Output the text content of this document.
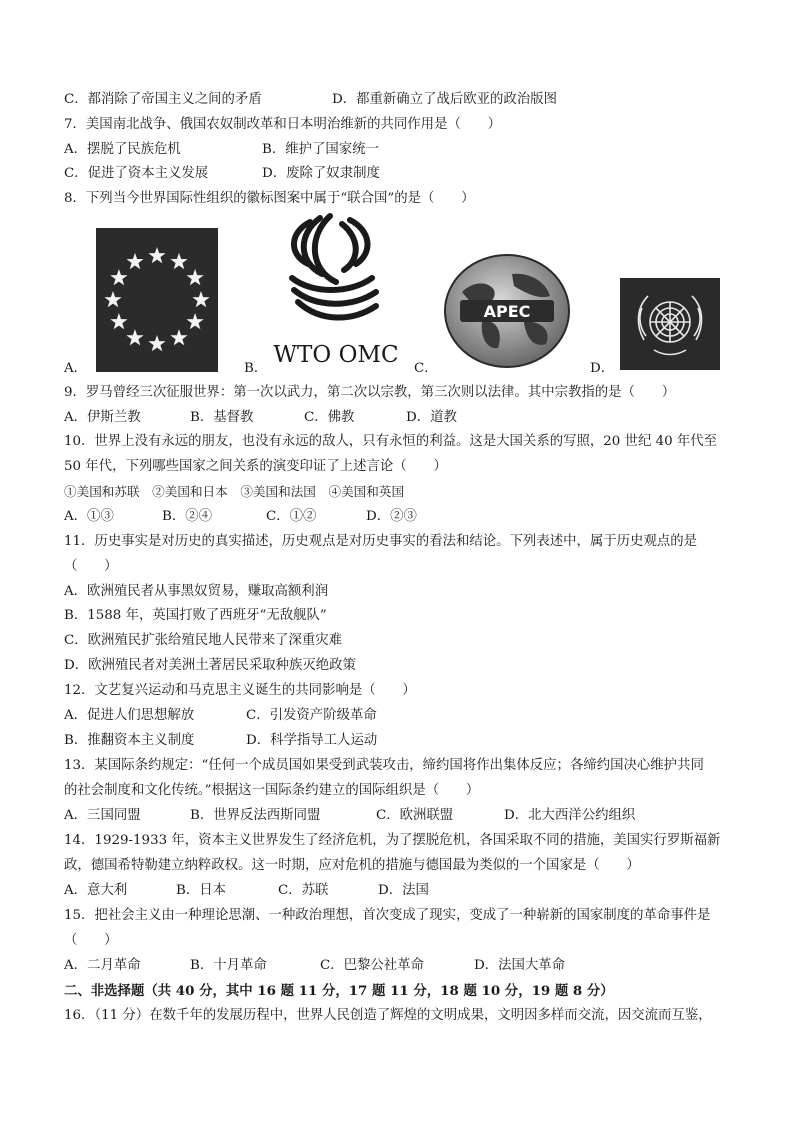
C．都消除了帝国主义之间的矛盾	D．都重新确立了战后欧亚的政治版图
7．美国南北战争、俄国农奴制改革和日本明治维新的共同作用是（　　）
A．摆脱了民族危机	B．维护了国家统一
C．促进了资本主义发展	D．废除了奴隶制度
8．下列当今世界国际性组织的徽标图案中属于“联合国”的是（　　）
A．	B．
WTO OMC
C．
APEC
D．
9．罗马曾经三次征服世界：第一次以武力，第二次以宗教，第三次则以法律。其中宗教指的是（　　）
A．伊斯兰教	B．基督教	C．佛教	D．道教
10．世界上没有永远的朋友，也没有永远的敌人，只有永恒的利益。这是大国关系的写照，20 世纪 40 年代至
50 年代，下列哪些国家之间关系的演变印证了上述言论（　　）
①美国和苏联　②美国和日本　③美国和法国　④美国和英国
A．①③	B．②④	C．①②	D．②③
11．历史事实是对历史的真实描述，历史观点是对历史事实的看法和结论。下列表述中，属于历史观点的是
（　　）
A．欧洲殖民者从事黑奴贸易，赚取高额利润
B．1588 年，英国打败了西班牙“无敌舰队”
C．欧洲殖民扩张给殖民地人民带来了深重灾难
D．欧洲殖民者对美洲土著居民采取种族灭绝政策
12．文艺复兴运动和马克思主义诞生的共同影响是（　　）
A．促进人们思想解放	C．引发资产阶级革命
B．推翻资本主义制度	D．科学指导工人运动
13．某国际条约规定：“任何一个成员国如果受到武装攻击，缔约国将作出集体反应；各缔约国决心维护共同
的社会制度和文化传统。”根据这一国际条约建立的国际组织是（　　）
A．三国同盟	B．世界反法西斯同盟	C．欧洲联盟	D．北大西洋公约组织
14．1929-1933 年，资本主义世界发生了经济危机，为了摆脱危机，各国采取不同的措施，美国实行罗斯福新
政，德国希特勒建立纳粹政权。这一时期，应对危机的措施与德国最为类似的一个国家是（　　）
A．意大利	B．日本	C．苏联	D．法国
15．把社会主义由一种理论思潮、一种政治理想，首次变成了现实，变成了一种崭新的国家制度的革命事件是
（　　）
A．二月革命	B．十月革命	C．巴黎公社革命	D．法国大革命
二、非选择题（共 40 分，其中 16 题 11 分，17 题 11 分，18 题 10 分，19 题 8 分）
16．（11 分）在数千年的发展历程中，世界人民创造了辉煌的文明成果，文明因多样而交流，因交流而互鉴，
